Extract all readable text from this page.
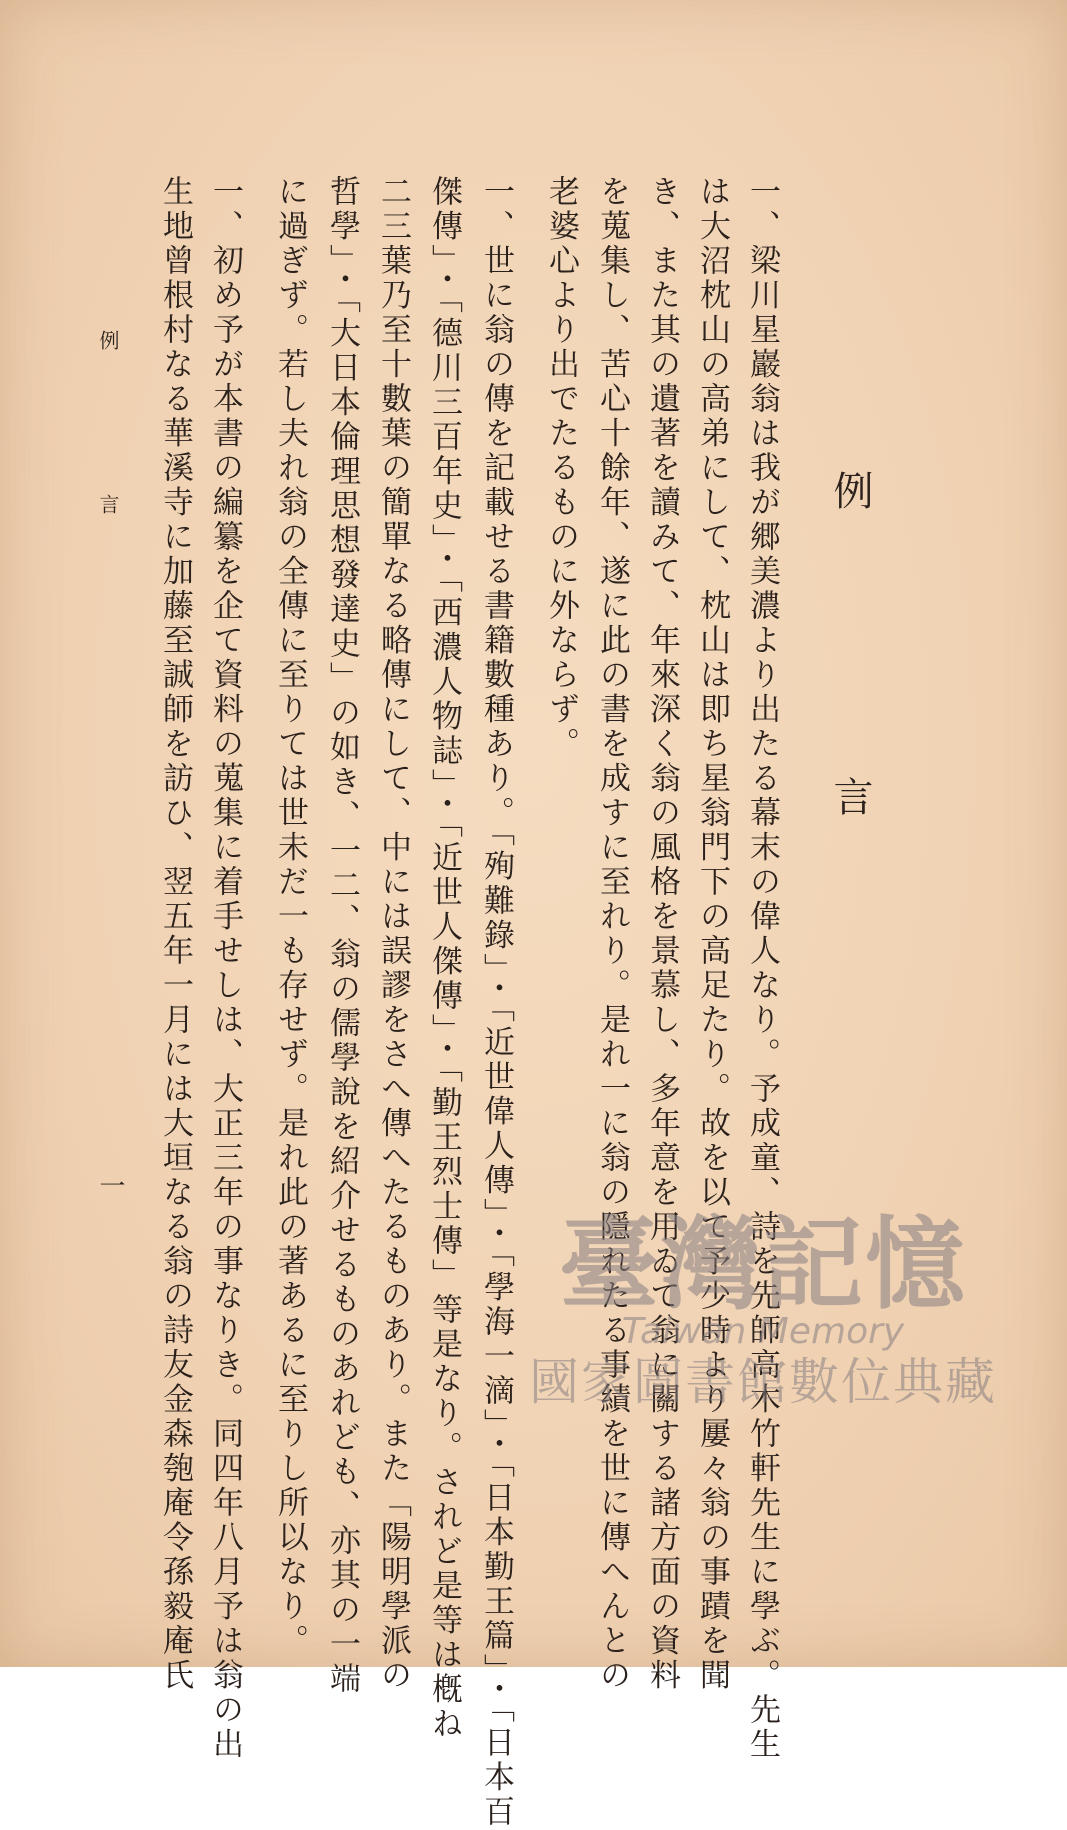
例 言
一、梁川星巖翁は我が郷美濃より出たる幕末の偉人なり。予成童、詩を先師高木竹軒先生に學ぶ。先生
は大沼枕山の高弟にして、枕山は即ち星翁門下の高足たり。故を以て予少時より屢々翁の事蹟を聞
き、また其の遺著を讀みて、年來深く翁の風格を景慕し、多年意を用ゐて翁に關する諸方面の資料
を蒐集し、苦心十餘年、遂に此の書を成すに至れり。是れ一に翁の隱れたる事績を世に傳へんとの
老婆心より出でたるものに外ならず。
一、世に翁の傳を記載せる書籍數種あり。「殉難錄」・「近世偉人傳」・「學海一滴」・「日本勤王篇」・「日本百
傑傳」・「德川三百年史」・「西濃人物誌」・「近世人傑傳」・「勤王烈士傳」等是なり。されど是等は槪ね
二三葉乃至十數葉の簡單なる略傳にして、中には誤謬をさへ傳へたるものあり。また「陽明學派の
哲學」・「大日本倫理思想發達史」の如き、一二、翁の儒學說を紹介せるものあれども、亦其の一端
に過ぎず。若し夫れ翁の全傳に至りては世未だ一も存せず。是れ此の著あるに至りし所以なり。
一、初め予が本書の編纂を企て資料の蒐集に着手せしは、大正三年の事なりき。同四年八月予は翁の出
生地曾根村なる華溪寺に加藤至誠師を訪ひ、翌五年一月には大垣なる翁の詩友金森匏庵令孫毅庵氏
例 言
一
臺灣記憶
Taiwan Memory
國家圖書館數位典藏
